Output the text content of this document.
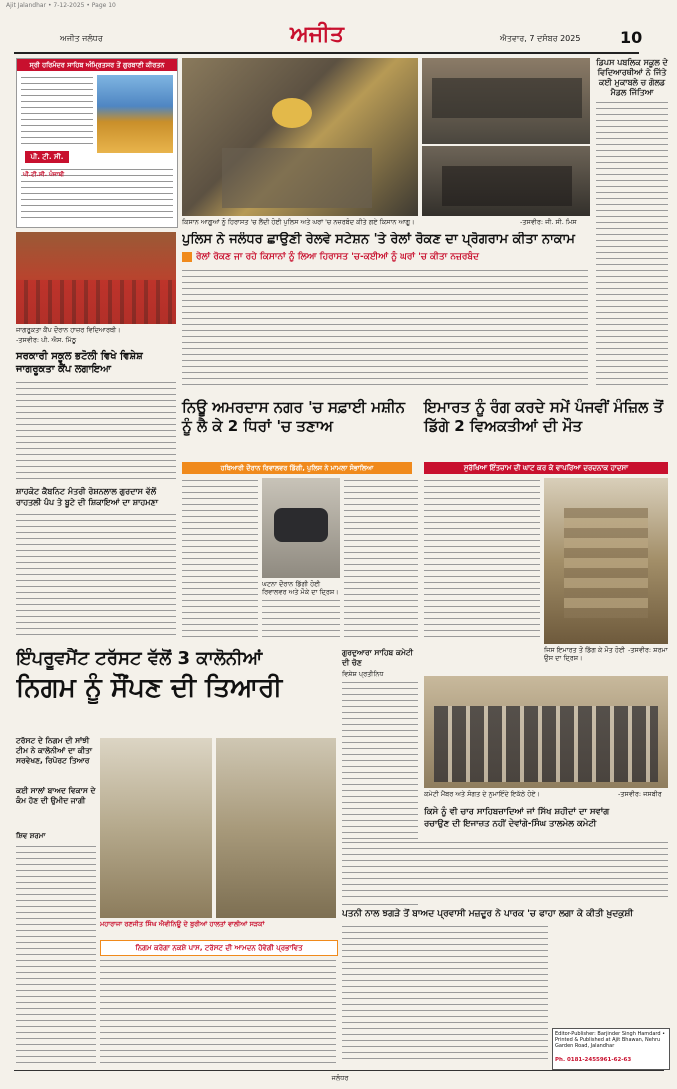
Ajit Jalandhar • 7-12-2025 • Page 10
ਅਜੀਤ ਜਲੰਧਰ	ਅਜੀਤ	ਐਤਵਾਰ, 7 ਦਸੰਬਰ 2025 10
ਸ੍ਰੀ ਹਰਿਮੰਦਰ ਸਾਹਿਬ ਅੰਮ੍ਰਿਤਸਰ ਤੋਂ ਗੁਰਬਾਣੀ ਕੀਰਤਨ
ਪੀ. ਟੀ. ਸੀ.
ਪੀ.ਟੀ.ਸੀ. ਪੰਜਾਬੀ
ਕਿਸਾਨ ਆਗੂਆਂ ਨੂੰ ਹਿਰਾਸਤ 'ਚ ਲੈਂਦੀ ਹੋਈ ਪੁਲਿਸ ਅਤੇ ਘਰਾਂ 'ਚ ਨਜ਼ਰਬੰਦ ਕੀਤੇ ਗਏ ਕਿਸਾਨ ਆਗੂ।	-ਤਸਵੀਰ: ਜੀ. ਸੀ. ਮਿਸ
ਡਿਪਸ ਪਬਲਿਕ ਸਕੂਲ ਦੇ ਵਿਦਿਆਰਥੀਆਂ ਨੇ ਜਿੱਤੇ ਕਈ ਮੁਕਾਬਲੇ ਚ ਗੋਲਡ ਮੈਡਲ ਜਿੱਤਿਆ
ਪੁਲਿਸ ਨੇ ਜਲੰਧਰ ਛਾਉਣੀ ਰੇਲਵੇ ਸਟੇਸ਼ਨ 'ਤੇ ਰੇਲਾਂ ਰੋਕਣ ਦਾ ਪ੍ਰੋਗਰਾਮ ਕੀਤਾ ਨਾਕਾਮ
ਰੇਲਾਂ ਰੋਕਣ ਜਾ ਰਹੇ ਕਿਸਾਨਾਂ ਨੂੰ ਲਿਆ ਹਿਰਾਸਤ 'ਚ-ਕਈਆਂ ਨੂੰ ਘਰਾਂ 'ਚ ਕੀਤਾ ਨਜ਼ਰਬੰਦ
ਜਾਗਰੂਕਤਾ ਕੈਂਪ ਦੌਰਾਨ ਹਾਜ਼ਰ ਵਿਦਿਆਰਥੀ।
-ਤਸਵੀਰ: ਪੀ. ਐਸ. ਮਿੱਠੂ
ਸਰਕਾਰੀ ਸਕੂਲ ਭਟੋਲੀ ਵਿਖੇ ਵਿਸ਼ੇਸ਼ ਜਾਗਰੂਕਤਾ ਕੈਂਪ ਲਗਾਇਆ
ਸ਼ਾਹਕੋਟ ਕੈਬਨਿਟ ਮੰਤਰੀ ਰੋਸ਼ਨਲਾਲ ਗੁਰਦਾਸ ਵੱਲੋਂ ਰਾਹਤਲੀ ਪੰਪ ਤੇ ਬੂਟੇ ਦੀ ਸ਼ਿਕਾਇਆਂ ਦਾ ਸ਼ਾਹਮਣਾ
ਨਿਊ ਅਮਰਦਾਸ ਨਗਰ 'ਚ ਸਫ਼ਾਈ ਮਸ਼ੀਨ ਨੂੰ ਲੈ ਕੇ 2 ਧਿਰਾਂ 'ਚ ਤਣਾਅ
ਹਥਿਆਰੀ ਦੌਰਾਨ ਰਿਵਾਲਵਰ ਡਿੱਗੀ, ਪੁਲਿਸ ਨੇ ਮਾਮਲਾ ਸੰਭਾਲਿਆ
ਘਟਨਾ ਦੌਰਾਨ ਡਿੱਗੀ ਹੋਈ ਰਿਵਾਲਵਰ ਅਤੇ ਮੌਕੇ ਦਾ ਦ੍ਰਿਸ਼।
ਇਮਾਰਤ ਨੂੰ ਰੰਗ ਕਰਦੇ ਸਮੇਂ ਪੰਜਵੀਂ ਮੰਜ਼ਿਲ ਤੋਂ ਡਿੱਗੇ 2 ਵਿਅਕਤੀਆਂ ਦੀ ਮੌਤ
ਸੁਰੱਖਿਆ ਇੰਤਜ਼ਾਮ ਦੀ ਘਾਟ ਕਰ ਕੇ ਵਾਪਰਿਆ ਦਰਦਨਾਕ ਹਾਦਸਾ
ਜਿਸ ਇਮਾਰਤ ਤੋਂ ਡਿੱਗ ਕੇ ਮੌਤ ਹੋਈ ਉਸ ਦਾ ਦ੍ਰਿਸ਼।
-ਤਸਵੀਰ: ਸ਼ਰਮਾ
ਇੰਪਰੂਵਮੈਂਟ ਟਰੱਸਟ ਵੱਲੋਂ 3 ਕਾਲੋਨੀਆਂ
ਨਿਗਮ ਨੂੰ ਸੌਂਪਣ ਦੀ ਤਿਆਰੀ
ਟਰੱਸਟ ਦੇ ਨਿਗਮ ਦੀ ਸਾਂਝੀ ਟੀਮ ਨੇ ਕਾਲੋਨੀਆਂ ਦਾ ਕੀਤਾ ਸਰਵੇਖਣ, ਰਿਪੋਰਟ ਤਿਆਰ
ਕਈ ਸਾਲਾਂ ਬਾਅਦ ਵਿਕਾਸ ਦੇ ਕੰਮ ਹੋਣ ਦੀ ਉਮੀਦ ਜਾਗੀ
ਸ਼ਿਵ ਸ਼ਰਮਾ
ਮਹਾਰਾਜਾ ਰਣਜੀਤ ਸਿੰਘ ਐਵੀਨਿਊ ਦੇ ਬੁਰੀਆਂ ਹਾਲਤਾਂ ਵਾਲੀਆਂ ਸੜਕਾਂ
ਨਿਗਮ ਕਰੇਗਾ ਨਕਸ਼ੇ ਪਾਸ, ਟਰੱਸਟ ਦੀ ਆਮਦਨ ਹੋਵੇਗੀ ਪ੍ਰਭਾਵਿਤ
ਗੁਰਦੁਆਰਾ ਸਾਹਿਬ ਕਮੇਟੀ ਦੀ ਚੋਣ
ਵਿਸ਼ੇਸ਼ ਪ੍ਰਤੀਨਿਧ
ਕਮੇਟੀ ਮੈਂਬਰ ਅਤੇ ਸੰਗਤ ਦੇ ਨੁਮਾਇੰਦੇ ਇਕੱਠੇ ਹੋਏ।	-ਤਸਵੀਰ: ਜਸਬੀਰ
ਕਿਸੇ ਨੂੰ ਵੀ ਚਾਰ ਸਾਹਿਬਜ਼ਾਦਿਆਂ ਜਾਂ ਸਿੱਖ ਸ਼ਹੀਦਾਂ ਦਾ ਸਵਾਂਗ
ਰਚਾਉਣ ਦੀ ਇਜਾਜ਼ਤ ਨਹੀਂ ਦੇਵਾਂਗੇ-ਸਿੰਘ ਤਾਲਮੇਲ ਕਮੇਟੀ
ਪਤਨੀ ਨਾਲ ਝਗੜੇ ਤੋਂ ਬਾਅਦ ਪ੍ਰਵਾਸੀ ਮਜ਼ਦੂਰ ਨੇ ਪਾਰਕ 'ਚ ਫਾਹਾ ਲਗਾ ਕੇ ਕੀਤੀ ਖ਼ੁਦਕੁਸ਼ੀ
Editor-Publisher: Barjinder Singh Hamdard • Printed & Published at Ajit Bhawan, Nehru Garden Road, Jalandhar
Ph. 0181-2455961-62-63
ਜਲੰਧਰ
